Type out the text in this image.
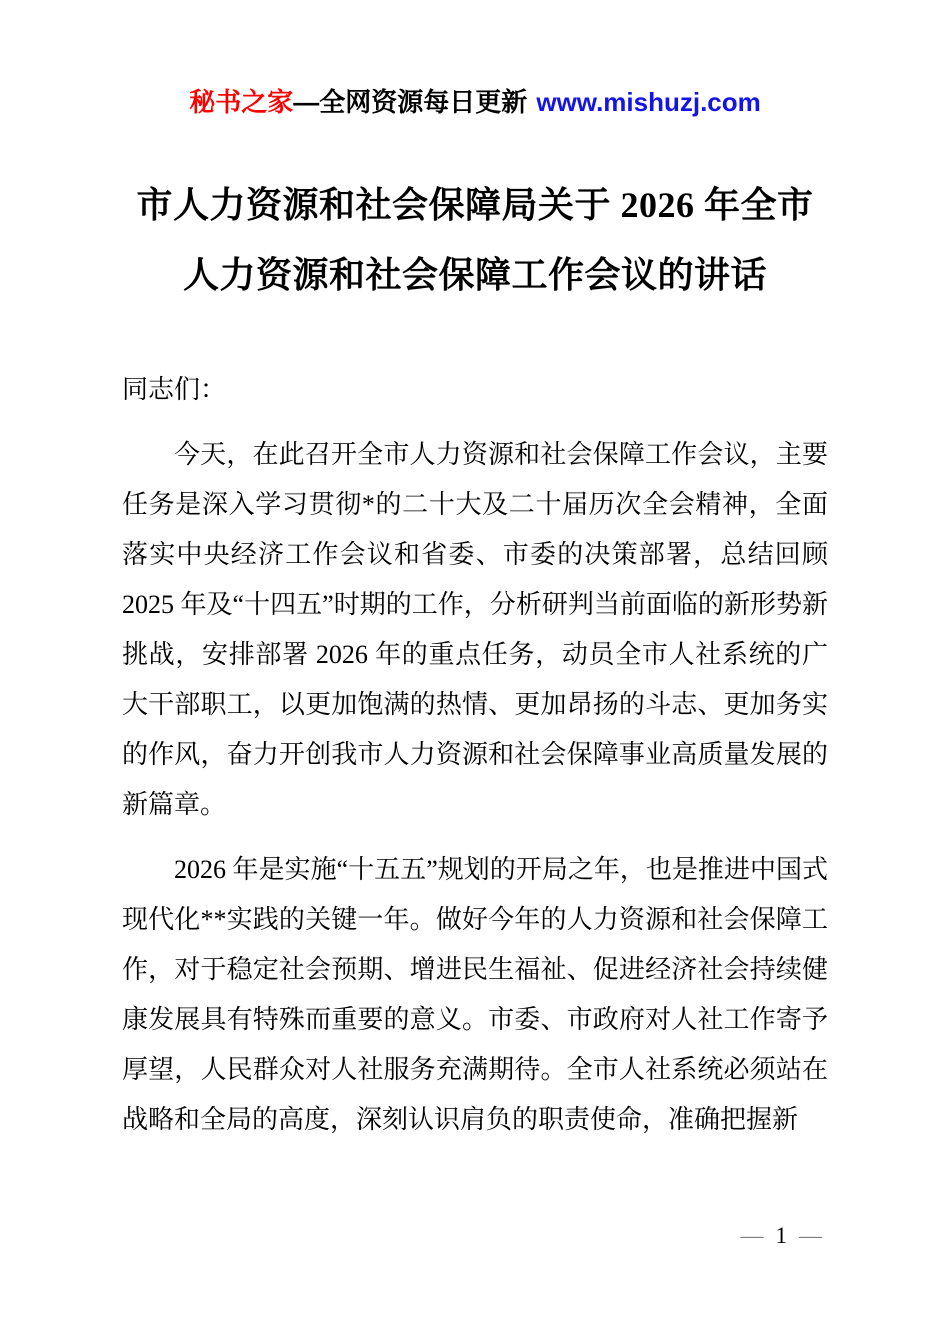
秘书之家—全网资源每日更新 www.mishuzj.com
市人力资源和社会保障局关于 2026 年全市
人力资源和社会保障工作会议的讲话

同志们：

今天，在此召开全市人力资源和社会保障工作会议，主要任务是深入学习贯彻*的二十大及二十届历次全会精神，全面落实中央经济工作会议和省委、市委的决策部署，总结回顾 2025 年及“十四五”时期的工作，分析研判当前面临的新形势新挑战，安排部署 2026 年的重点任务，动员全市人社系统的广大干部职工，以更加饱满的热情、更加昂扬的斗志、更加务实的作风，奋力开创我市人力资源和社会保障事业高质量发展的新篇章。

2026 年是实施“十五五”规划的开局之年，也是推进中国式现代化**实践的关键一年。做好今年的人力资源和社会保障工作，对于稳定社会预期、增进民生福祉、促进经济社会持续健康发展具有特殊而重要的意义。市委、市政府对人社工作寄予厚望，人民群众对人社服务充满期待。全市人社系统必须站在战略和全局的高度，深刻认识肩负的职责使命，准确把握新

— 1 —
